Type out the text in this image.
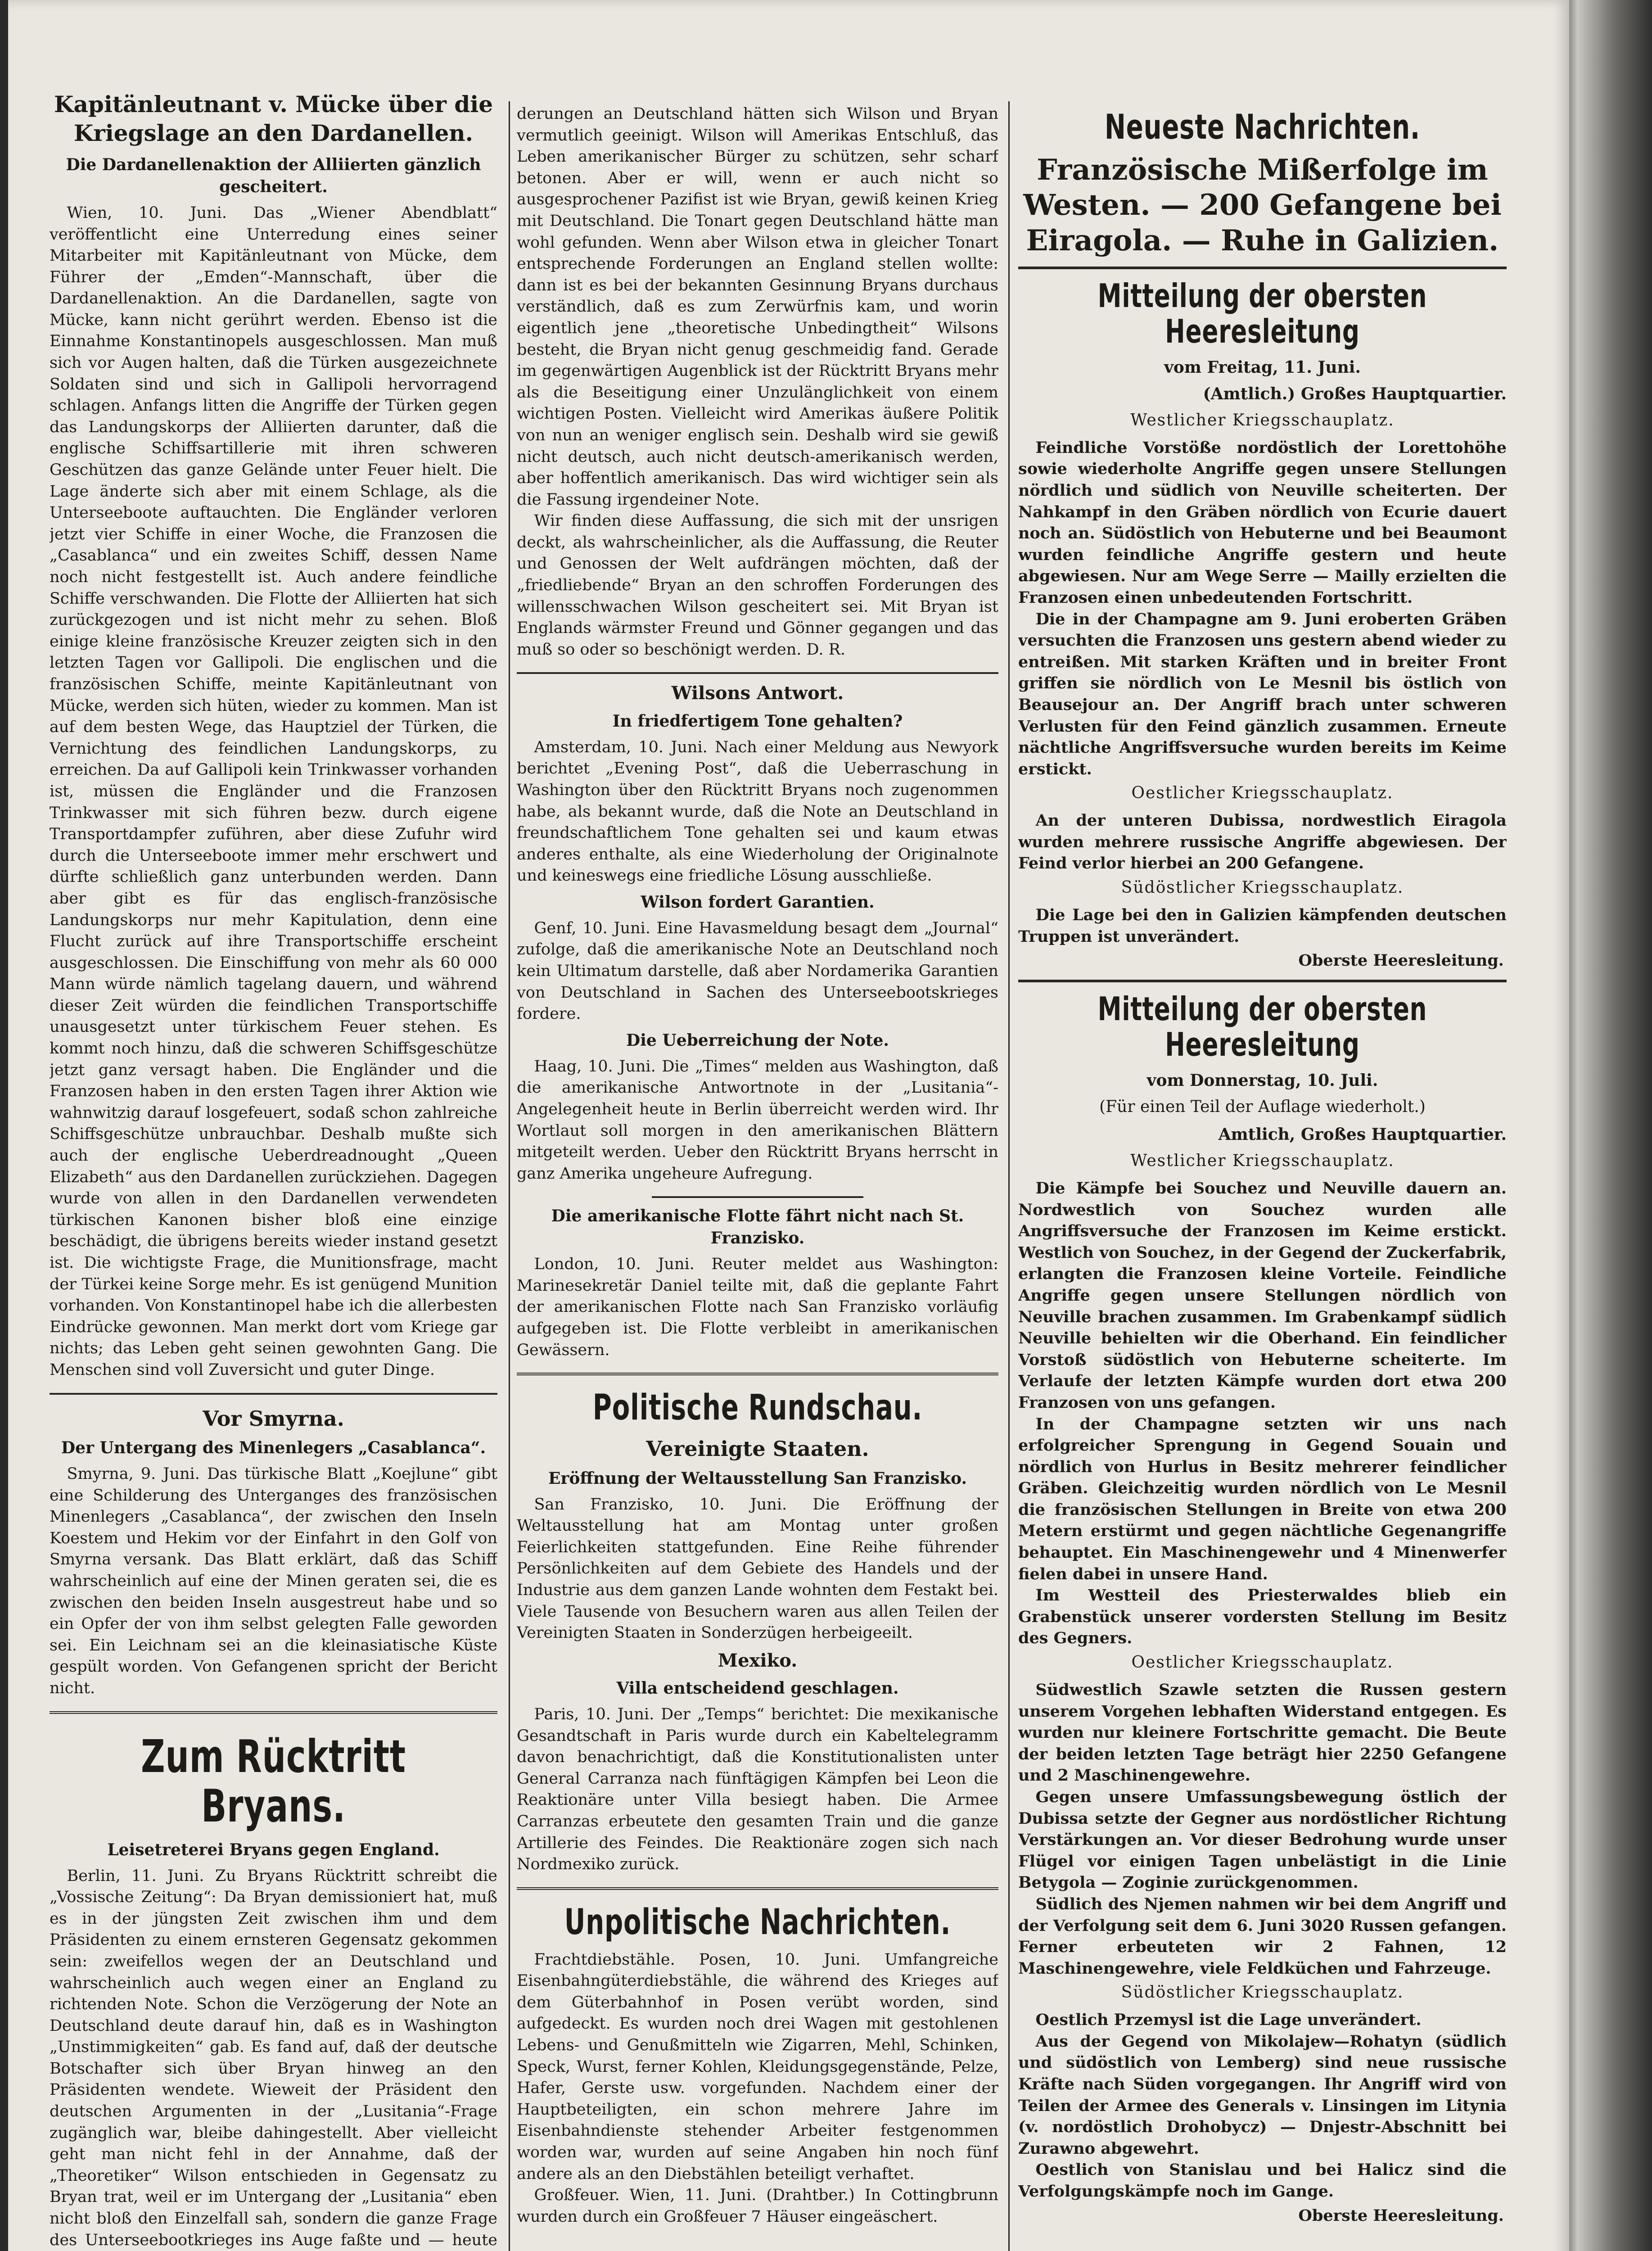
Kapitänleutnant v. Mücke über die Kriegslage an den Dardanellen.
Die Dardanellenaktion der Alliierten gänzlich gescheitert.

Wien, 10. Juni. Das „Wiener Abendblatt“ veröffentlicht eine Unterredung eines seiner Mitarbeiter mit Kapitänleutnant von Mücke, dem Führer der „Emden“-Mannschaft, über die Dardanellenaktion. An die Dardanellen, sagte von Mücke, kann nicht gerührt werden. Ebenso ist die Einnahme Konstantinopels ausgeschlossen. Man muß sich vor Augen halten, daß die Türken ausgezeichnete Soldaten sind und sich in Gallipoli hervorragend schlagen. Anfangs litten die Angriffe der Türken gegen das Landungskorps der Alliierten darunter, daß die englische Schiffsartillerie mit ihren schweren Geschützen das ganze Gelände unter Feuer hielt. Die Lage änderte sich aber mit einem Schlage, als die Unterseeboote auftauchten. Die Engländer verloren jetzt vier Schiffe in einer Woche, die Franzosen die „Casablanca“ und ein zweites Schiff, dessen Name noch nicht festgestellt ist. Auch andere feindliche Schiffe verschwanden. Die Flotte der Alliierten hat sich zurückgezogen und ist nicht mehr zu sehen. Bloß einige kleine französische Kreuzer zeigten sich in den letzten Tagen vor Gallipoli. Die englischen und die französischen Schiffe, meinte Kapitänleutnant von Mücke, werden sich hüten, wieder zu kommen. Man ist auf dem besten Wege, das Hauptziel der Türken, die Vernichtung des feindlichen Landungskorps, zu erreichen. Da auf Gallipoli kein Trinkwasser vorhanden ist, müssen die Engländer und die Franzosen Trinkwasser mit sich führen bezw. durch eigene Transportdampfer zuführen, aber diese Zufuhr wird durch die Unterseeboote immer mehr erschwert und dürfte schließlich ganz unterbunden werden. Dann aber gibt es für das englisch-französische Landungskorps nur mehr Kapitulation, denn eine Flucht zurück auf ihre Transportschiffe erscheint ausgeschlossen. Die Einschiffung von mehr als 60 000 Mann würde nämlich tagelang dauern, und während dieser Zeit würden die feindlichen Transportschiffe unausgesetzt unter türkischem Feuer stehen. Es kommt noch hinzu, daß die schweren Schiffsgeschütze jetzt ganz versagt haben. Die Engländer und die Franzosen haben in den ersten Tagen ihrer Aktion wie wahnwitzig darauf losgefeuert, sodaß schon zahlreiche Schiffsgeschütze unbrauchbar. Deshalb mußte sich auch der englische Ueberdreadnought „Queen Elizabeth“ aus den Dardanellen zurückziehen. Dagegen wurde von allen in den Dardanellen verwendeten türkischen Kanonen bisher bloß eine einzige beschädigt, die übrigens bereits wieder instand gesetzt ist. Die wichtigste Frage, die Munitionsfrage, macht der Türkei keine Sorge mehr. Es ist genügend Munition vorhanden. Von Konstantinopel habe ich die allerbesten Eindrücke gewonnen. Man merkt dort vom Kriege gar nichts; das Leben geht seinen gewohnten Gang. Die Menschen sind voll Zuversicht und guter Dinge.

Vor Smyrna.
Der Untergang des Minenlegers „Casablanca“.

Smyrna, 9. Juni. Das türkische Blatt „Koejlune“ gibt eine Schilderung des Unterganges des französischen Minenlegers „Casablanca“, der zwischen den Inseln Koestem und Hekim vor der Einfahrt in den Golf von Smyrna versank. Das Blatt erklärt, daß das Schiff wahrscheinlich auf eine der Minen geraten sei, die es zwischen den beiden Inseln ausgestreut habe und so ein Opfer der von ihm selbst gelegten Falle geworden sei. Ein Leichnam sei an die kleinasiatische Küste gespült worden. Von Gefangenen spricht der Bericht nicht.

Zum Rücktritt Bryans.
Leisetreterei Bryans gegen England.

Berlin, 11. Juni. Zu Bryans Rücktritt schreibt die „Vossische Zeitung“: Da Bryan demissioniert hat, muß es in der jüngsten Zeit zwischen ihm und dem Präsidenten zu einem ernsteren Gegensatz gekommen sein: zweifellos wegen der an Deutschland und wahrscheinlich auch wegen einer an England zu richtenden Note. Schon die Verzögerung der Note an Deutschland deute darauf hin, daß es in Washington „Unstimmigkeiten“ gab. Es fand auf, daß der deutsche Botschafter sich über Bryan hinweg an den Präsidenten wendete. Wieweit der Präsident den deutschen Argumenten in der „Lusitania“-Frage zugänglich war, bleibe dahingestellt. Aber vielleicht geht man nicht fehl in der Annahme, daß der „Theoretiker“ Wilson entschieden in Gegensatz zu Bryan trat, weil er im Untergang der „Lusitania“ eben nicht bloß den Einzelfall sah, sondern die ganze Frage des Unterseebootkrieges ins Auge faßte und — heute

derungen an Deutschland hätten sich Wilson und Bryan vermutlich geeinigt. Wilson will Amerikas Entschluß, das Leben amerikanischer Bürger zu schützen, sehr scharf betonen. Aber er will, wenn er auch nicht so ausgesprochener Pazifist ist wie Bryan, gewiß keinen Krieg mit Deutschland. Die Tonart gegen Deutschland hätte man wohl gefunden. Wenn aber Wilson etwa in gleicher Tonart entsprechende Forderungen an England stellen wollte: dann ist es bei der bekannten Gesinnung Bryans durchaus verständlich, daß es zum Zerwürfnis kam, und worin eigentlich jene „theoretische Unbedingtheit“ Wilsons besteht, die Bryan nicht genug geschmeidig fand. Gerade im gegenwärtigen Augenblick ist der Rücktritt Bryans mehr als die Beseitigung einer Unzulänglichkeit von einem wichtigen Posten. Vielleicht wird Amerikas äußere Politik von nun an weniger englisch sein. Deshalb wird sie gewiß nicht deutsch, auch nicht deutsch-amerikanisch werden, aber hoffentlich amerikanisch. Das wird wichtiger sein als die Fassung irgendeiner Note.

Wir finden diese Auffassung, die sich mit der unsrigen deckt, als wahrscheinlicher, als die Auffassung, die Reuter und Genossen der Welt aufdrängen möchten, daß der „friedliebende“ Bryan an den schroffen Forderungen des willensschwachen Wilson gescheitert sei. Mit Bryan ist Englands wärmster Freund und Gönner gegangen und das muß so oder so beschönigt werden. D. R.

Wilsons Antwort.
In friedfertigem Tone gehalten?

Amsterdam, 10. Juni. Nach einer Meldung aus Newyork berichtet „Evening Post“, daß die Ueberraschung in Washington über den Rücktritt Bryans noch zugenommen habe, als bekannt wurde, daß die Note an Deutschland in freundschaftlichem Tone gehalten sei und kaum etwas anderes enthalte, als eine Wiederholung der Originalnote und keineswegs eine friedliche Lösung ausschließe.

Wilson fordert Garantien.

Genf, 10. Juni. Eine Havasmeldung besagt dem „Journal“ zufolge, daß die amerikanische Note an Deutschland noch kein Ultimatum darstelle, daß aber Nordamerika Garantien von Deutschland in Sachen des Unterseebootskrieges fordere.

Die Ueberreichung der Note.

Haag, 10. Juni. Die „Times“ melden aus Washington, daß die amerikanische Antwortnote in der „Lusitania“-Angelegenheit heute in Berlin überreicht werden wird. Ihr Wortlaut soll morgen in den amerikanischen Blättern mitgeteilt werden. Ueber den Rücktritt Bryans herrscht in ganz Amerika ungeheure Aufregung.

Die amerikanische Flotte fährt nicht nach St. Franzisko.

London, 10. Juni. Reuter meldet aus Washington: Marinesekretär Daniel teilte mit, daß die geplante Fahrt der amerikanischen Flotte nach San Franzisko vorläufig aufgegeben ist. Die Flotte verbleibt in amerikanischen Gewässern.

Politische Rundschau.
Vereinigte Staaten.
Eröffnung der Weltausstellung San Franzisko.

San Franzisko, 10. Juni. Die Eröffnung der Weltausstellung hat am Montag unter großen Feierlichkeiten stattgefunden. Eine Reihe führender Persönlichkeiten auf dem Gebiete des Handels und der Industrie aus dem ganzen Lande wohnten dem Festakt bei. Viele Tausende von Besuchern waren aus allen Teilen der Vereinigten Staaten in Sonderzügen herbeigeeilt.

Mexiko.
Villa entscheidend geschlagen.

Paris, 10. Juni. Der „Temps“ berichtet: Die mexikanische Gesandtschaft in Paris wurde durch ein Kabeltelegramm davon benachrichtigt, daß die Konstitutionalisten unter General Carranza nach fünftägigen Kämpfen bei Leon die Reaktionäre unter Villa besiegt haben. Die Armee Carranzas erbeutete den gesamten Train und die ganze Artillerie des Feindes. Die Reaktionäre zogen sich nach Nordmexiko zurück.

Unpolitische Nachrichten.

Frachtdiebstähle. Posen, 10. Juni. Umfangreiche Eisenbahngüterdiebstähle, die während des Krieges auf dem Güterbahnhof in Posen verübt worden, sind aufgedeckt. Es wurden noch drei Wagen mit gestohlenen Lebens- und Genußmitteln wie Zigarren, Mehl, Schinken, Speck, Wurst, ferner Kohlen, Kleidungsgegenstände, Pelze, Hafer, Gerste usw. vorgefunden. Nachdem einer der Hauptbeteiligten, ein schon mehrere Jahre im Eisenbahndienste stehender Arbeiter festgenommen worden war, wurden auf seine Angaben hin noch fünf andere als an den Diebstählen beteiligt verhaftet.

Großfeuer. Wien, 11. Juni. (Drahtber.) In Cottingbrunn wurden durch ein Großfeuer 7 Häuser eingeäschert.

Neueste Nachrichten.
Französische Mißerfolge im Westen. — 200 Gefangene bei Eiragola. — Ruhe in Galizien.
Mitteilung der obersten Heeresleitung
vom Freitag, 11. Juni.
(Amtlich.) Großes Hauptquartier.
Westlicher Kriegsschauplatz.

Feindliche Vorstöße nordöstlich der Lorettohöhe sowie wiederholte Angriffe gegen unsere Stellungen nördlich und südlich von Neuville scheiterten. Der Nahkampf in den Gräben nördlich von Ecurie dauert noch an. Südöstlich von Hebuterne und bei Beaumont wurden feindliche Angriffe gestern und heute abgewiesen. Nur am Wege Serre — Mailly erzielten die Franzosen einen unbedeutenden Fortschritt.

Die in der Champagne am 9. Juni eroberten Gräben versuchten die Franzosen uns gestern abend wieder zu entreißen. Mit starken Kräften und in breiter Front griffen sie nördlich von Le Mesnil bis östlich von Beausejour an. Der Angriff brach unter schweren Verlusten für den Feind gänzlich zusammen. Erneute nächtliche Angriffsversuche wurden bereits im Keime erstickt.

Oestlicher Kriegsschauplatz.

An der unteren Dubissa, nordwestlich Eiragola wurden mehrere russische Angriffe abgewiesen. Der Feind verlor hierbei an 200 Gefangene.

Südöstlicher Kriegsschauplatz.

Die Lage bei den in Galizien kämpfenden deutschen Truppen ist unverändert.

Oberste Heeresleitung.
Mitteilung der obersten Heeresleitung
vom Donnerstag, 10. Juli.
(Für einen Teil der Auflage wiederholt.)
Amtlich, Großes Hauptquartier.
Westlicher Kriegsschauplatz.

Die Kämpfe bei Souchez und Neuville dauern an. Nordwestlich von Souchez wurden alle Angriffsversuche der Franzosen im Keime erstickt. Westlich von Souchez, in der Gegend der Zuckerfabrik, erlangten die Franzosen kleine Vorteile. Feindliche Angriffe gegen unsere Stellungen nördlich von Neuville brachen zusammen. Im Grabenkampf südlich Neuville behielten wir die Oberhand. Ein feindlicher Vorstoß südöstlich von Hebuterne scheiterte. Im Verlaufe der letzten Kämpfe wurden dort etwa 200 Franzosen von uns gefangen.

In der Champagne setzten wir uns nach erfolgreicher Sprengung in Gegend Souain und nördlich von Hurlus in Besitz mehrerer feindlicher Gräben. Gleichzeitig wurden nördlich von Le Mesnil die französischen Stellungen in Breite von etwa 200 Metern erstürmt und gegen nächtliche Gegenangriffe behauptet. Ein Maschinengewehr und 4 Minenwerfer fielen dabei in unsere Hand.

Im Westteil des Priesterwaldes blieb ein Grabenstück unserer vordersten Stellung im Besitz des Gegners.

Oestlicher Kriegsschauplatz.

Südwestlich Szawle setzten die Russen gestern unserem Vorgehen lebhaften Widerstand entgegen. Es wurden nur kleinere Fortschritte gemacht. Die Beute der beiden letzten Tage beträgt hier 2250 Gefangene und 2 Maschinengewehre.

Gegen unsere Umfassungsbewegung östlich der Dubissa setzte der Gegner aus nordöstlicher Richtung Verstärkungen an. Vor dieser Bedrohung wurde unser Flügel vor einigen Tagen unbelästigt in die Linie Betygola — Zoginie zurückgenommen.

Südlich des Njemen nahmen wir bei dem Angriff und der Verfolgung seit dem 6. Juni 3020 Russen gefangen. Ferner erbeuteten wir 2 Fahnen, 12 Maschinengewehre, viele Feldküchen und Fahrzeuge.

Südöstlicher Kriegsschauplatz.

Oestlich Przemysl ist die Lage unverändert.

Aus der Gegend von Mikolajew—Rohatyn (südlich und südöstlich von Lemberg) sind neue russische Kräfte nach Süden vorgegangen. Ihr Angriff wird von Teilen der Armee des Generals v. Linsingen im Litynia (v. nordöstlich Drohobycz) — Dnjestr-Abschnitt bei Zurawno abgewehrt.

Oestlich von Stanislau und bei Halicz sind die Verfolgungskämpfe noch im Gange.

Oberste Heeresleitung.
